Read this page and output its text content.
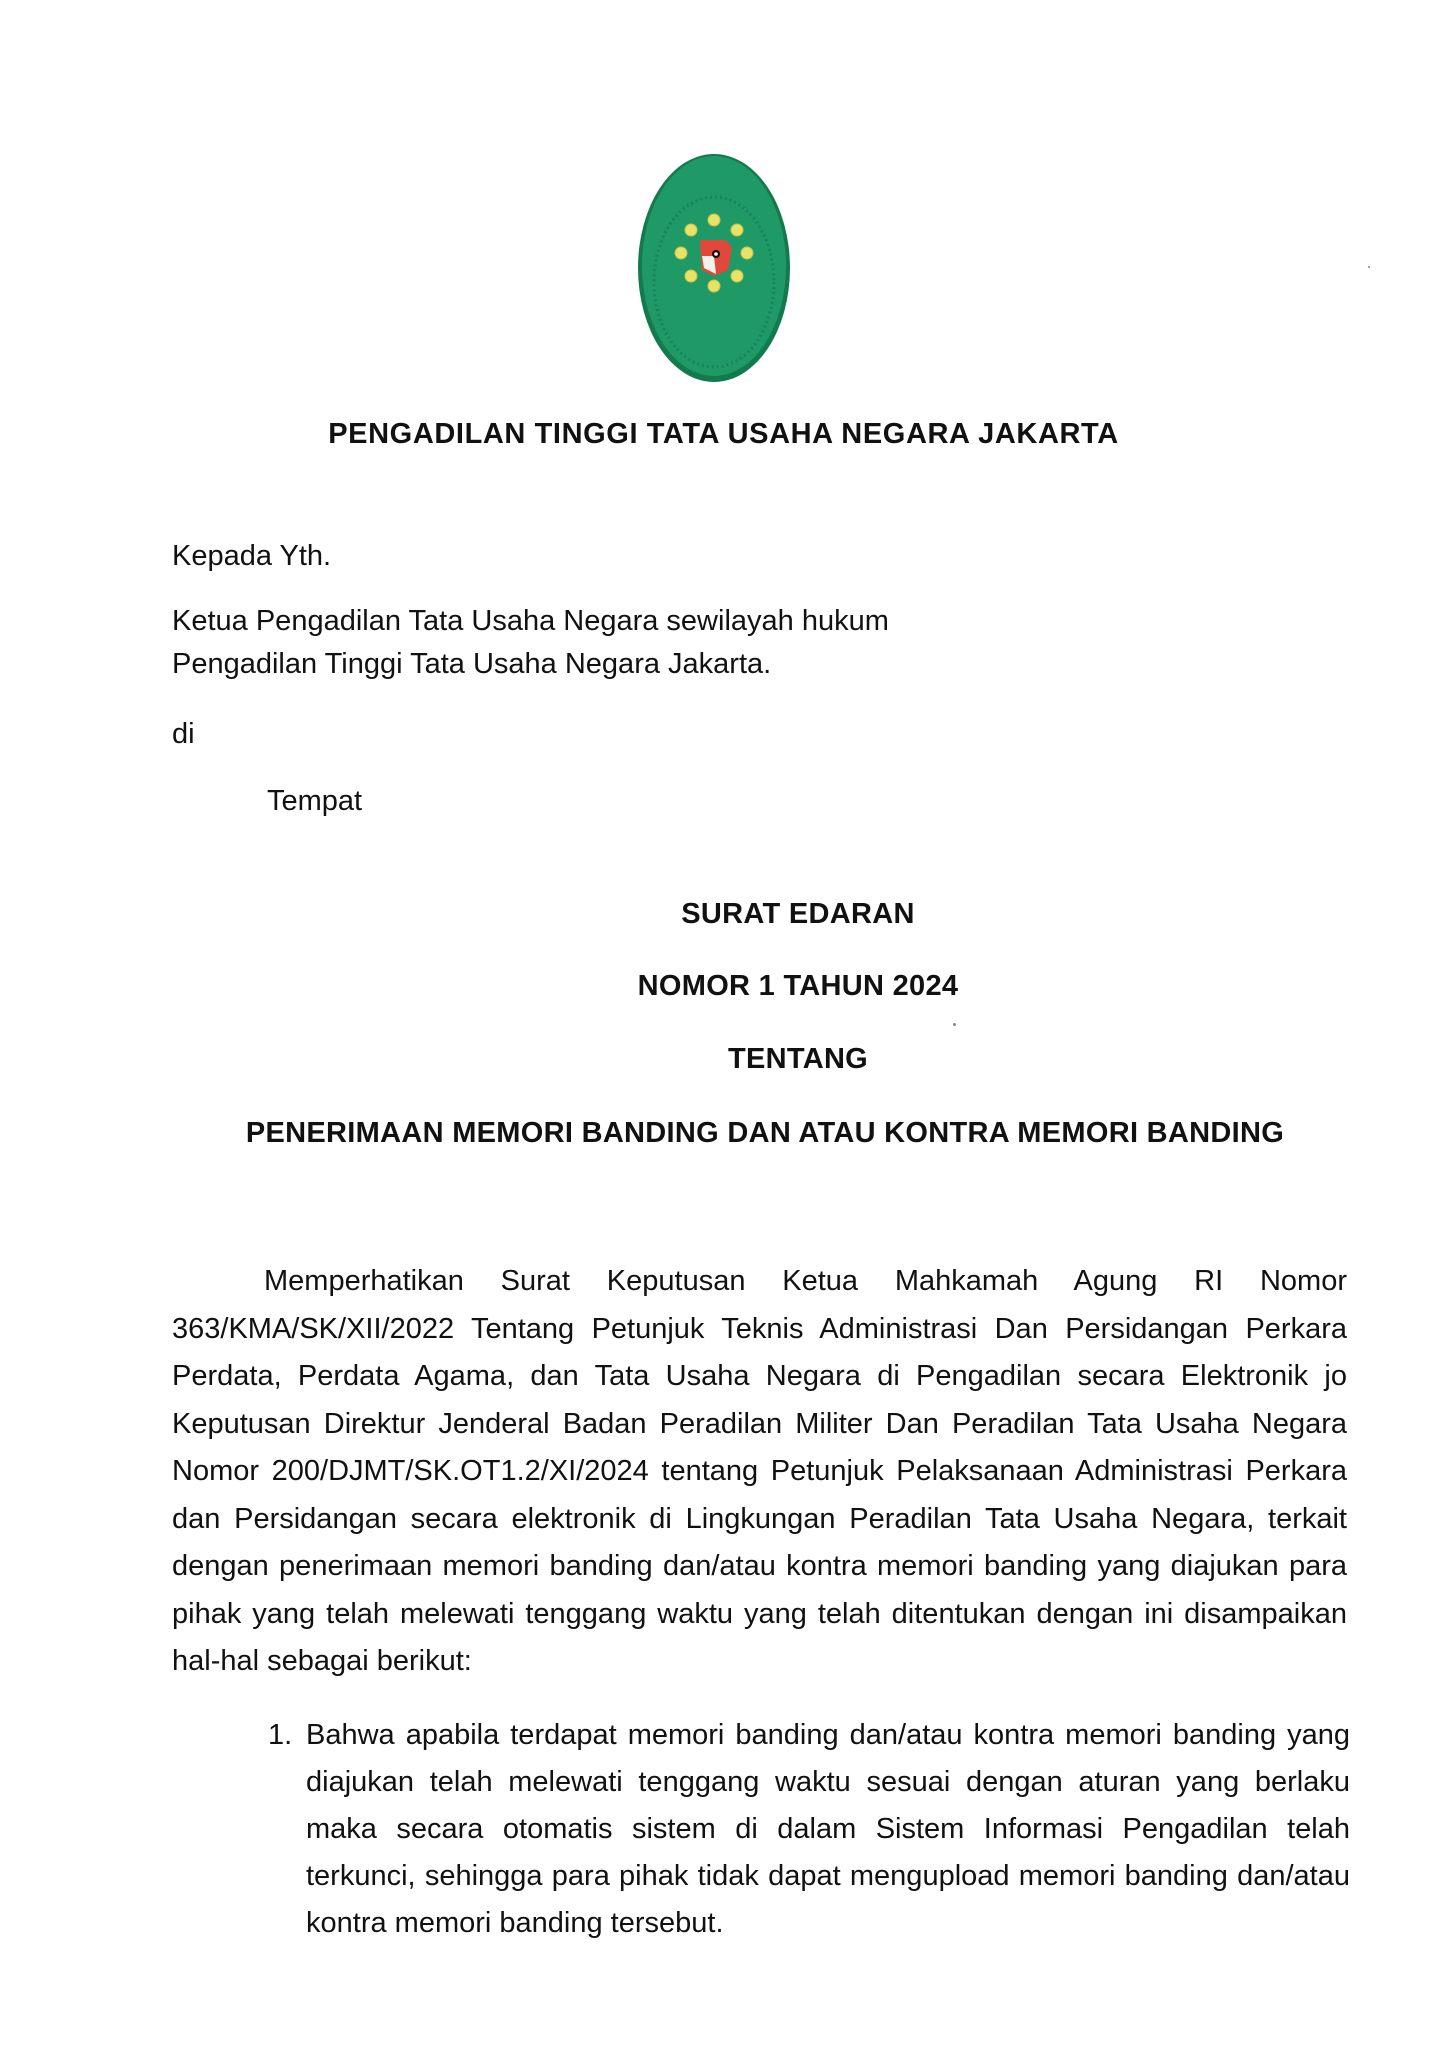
PENGADILAN TINGGI TATA USAHA NEGARA JAKARTA
Kepada Yth.
Ketua Pengadilan Tata Usaha Negara sewilayah hukum
Pengadilan Tinggi Tata Usaha Negara Jakarta.
di
Tempat
SURAT EDARAN
NOMOR 1 TAHUN 2024
TENTANG
PENERIMAAN MEMORI BANDING DAN ATAU KONTRA MEMORI BANDING

Memperhatikan Surat Keputusan Ketua Mahkamah Agung RI Nomor 363/KMA/SK/XII/2022 Tentang Petunjuk Teknis Administrasi Dan Persidangan Perkara Perdata, Perdata Agama, dan Tata Usaha Negara di Pengadilan secara Elektronik jo Keputusan Direktur Jenderal Badan Peradilan Militer Dan Peradilan Tata Usaha Negara Nomor 200/DJMT/SK.OT1.2/XI/2024 tentang Petunjuk Pelaksanaan Administrasi Perkara dan Persidangan secara elektronik di Lingkungan Peradilan Tata Usaha Negara, terkait dengan penerimaan memori banding dan/atau kontra memori banding yang diajukan para pihak yang telah melewati tenggang waktu yang telah ditentukan dengan ini disampaikan hal-hal sebagai berikut:

1. Bahwa apabila terdapat memori banding dan/atau kontra memori banding yang diajukan telah melewati tenggang waktu sesuai dengan aturan yang berlaku maka secara otomatis sistem di dalam Sistem Informasi Pengadilan telah terkunci, sehingga para pihak tidak dapat mengupload memori banding dan/atau kontra memori banding tersebut.
